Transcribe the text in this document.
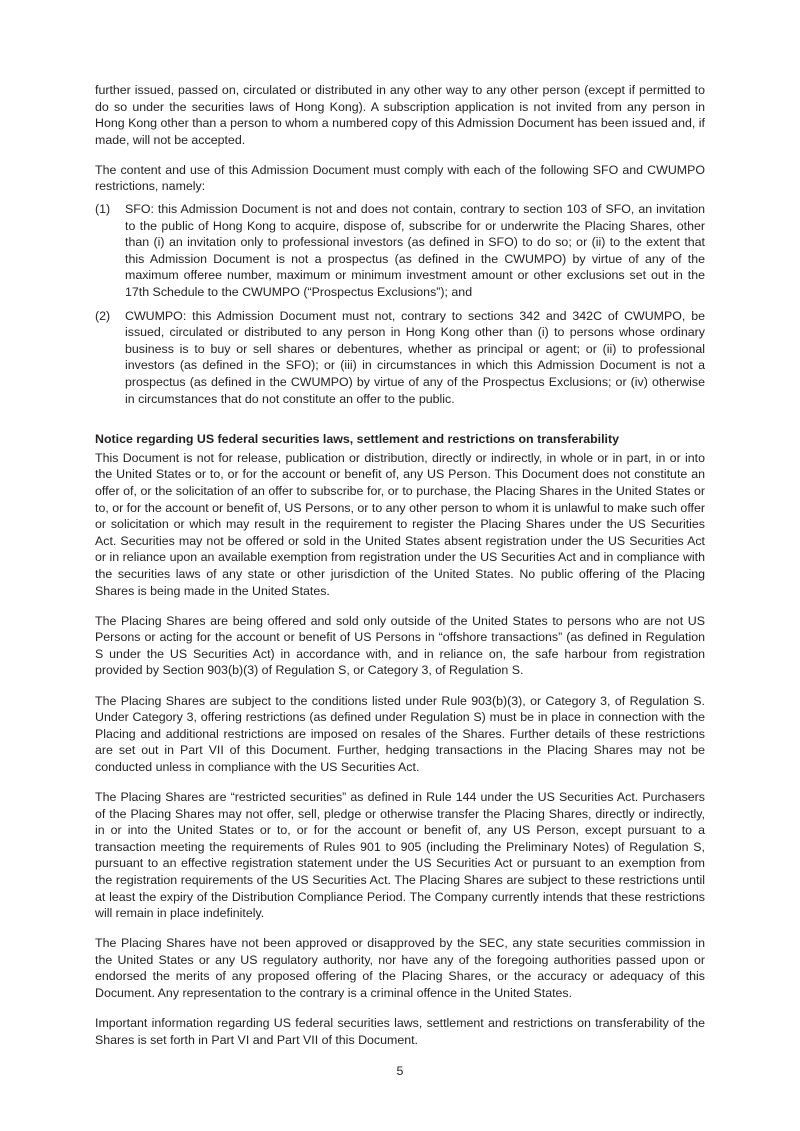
further issued, passed on, circulated or distributed in any other way to any other person (except if permitted to do so under the securities laws of Hong Kong). A subscription application is not invited from any person in Hong Kong other than a person to whom a numbered copy of this Admission Document has been issued and, if made, will not be accepted.

The content and use of this Admission Document must comply with each of the following SFO and CWUMPO restrictions, namely:

(1)	SFO: this Admission Document is not and does not contain, contrary to section 103 of SFO, an invitation to the public of Hong Kong to acquire, dispose of, subscribe for or underwrite the Placing Shares, other than (i) an invitation only to professional investors (as defined in SFO) to do so; or (ii) to the extent that this Admission Document is not a prospectus (as defined in the CWUMPO) by virtue of any of the maximum offeree number, maximum or minimum investment amount or other exclusions set out in the 17th Schedule to the CWUMPO (“Prospectus Exclusions”); and
(2)	CWUMPO: this Admission Document must not, contrary to sections 342 and 342C of CWUMPO, be issued, circulated or distributed to any person in Hong Kong other than (i) to persons whose ordinary business is to buy or sell shares or debentures, whether as principal or agent; or (ii) to professional investors (as defined in the SFO); or (iii) in circumstances in which this Admission Document is not a prospectus (as defined in the CWUMPO) by virtue of any of the Prospectus Exclusions; or (iv) otherwise in circumstances that do not constitute an offer to the public.

Notice regarding US federal securities laws, settlement and restrictions on transferability

This Document is not for release, publication or distribution, directly or indirectly, in whole or in part, in or into the United States or to, or for the account or benefit of, any US Person. This Document does not constitute an offer of, or the solicitation of an offer to subscribe for, or to purchase, the Placing Shares in the United States or to, or for the account or benefit of, US Persons, or to any other person to whom it is unlawful to make such offer or solicitation or which may result in the requirement to register the Placing Shares under the US Securities Act. Securities may not be offered or sold in the United States absent registration under the US Securities Act or in reliance upon an available exemption from registration under the US Securities Act and in compliance with the securities laws of any state or other jurisdiction of the United States. No public offering of the Placing Shares is being made in the United States.

The Placing Shares are being offered and sold only outside of the United States to persons who are not US Persons or acting for the account or benefit of US Persons in “offshore transactions” (as defined in Regulation S under the US Securities Act) in accordance with, and in reliance on, the safe harbour from registration provided by Section 903(b)(3) of Regulation S, or Category 3, of Regulation S.

The Placing Shares are subject to the conditions listed under Rule 903(b)(3), or Category 3, of Regulation S. Under Category 3, offering restrictions (as defined under Regulation S) must be in place in connection with the Placing and additional restrictions are imposed on resales of the Shares. Further details of these restrictions are set out in Part VII of this Document. Further, hedging transactions in the Placing Shares may not be conducted unless in compliance with the US Securities Act.

The Placing Shares are “restricted securities” as defined in Rule 144 under the US Securities Act. Purchasers of the Placing Shares may not offer, sell, pledge or otherwise transfer the Placing Shares, directly or indirectly, in or into the United States or to, or for the account or benefit of, any US Person, except pursuant to a transaction meeting the requirements of Rules 901 to 905 (including the Preliminary Notes) of Regulation S, pursuant to an effective registration statement under the US Securities Act or pursuant to an exemption from the registration requirements of the US Securities Act. The Placing Shares are subject to these restrictions until at least the expiry of the Distribution Compliance Period. The Company currently intends that these restrictions will remain in place indefinitely.

The Placing Shares have not been approved or disapproved by the SEC, any state securities commission in the United States or any US regulatory authority, nor have any of the foregoing authorities passed upon or endorsed the merits of any proposed offering of the Placing Shares, or the accuracy or adequacy of this Document. Any representation to the contrary is a criminal offence in the United States.

Important information regarding US federal securities laws, settlement and restrictions on transferability of the Shares is set forth in Part VI and Part VII of this Document.

5
